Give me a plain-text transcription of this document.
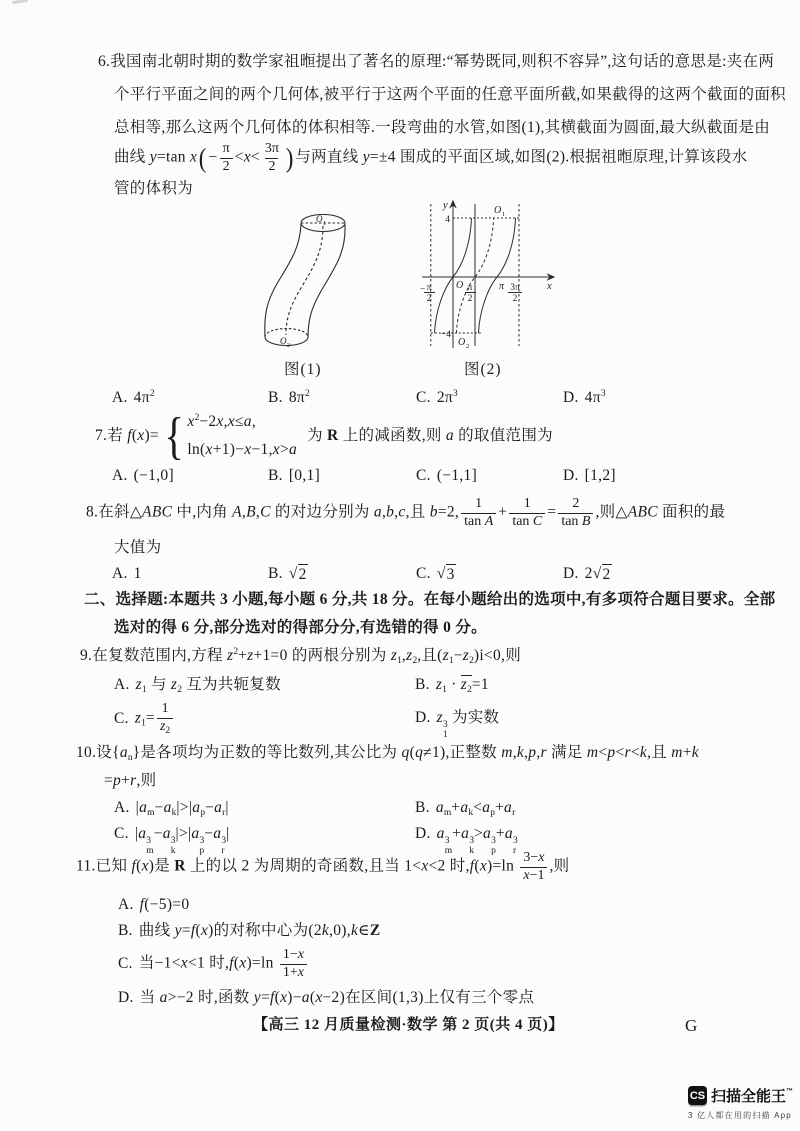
6.我国南北朝时期的数学家祖暅提出了著名的原理:“幂势既同,则积不容异”,这句话的意思是:夹在两
个平行平面之间的两个几何体,被平行于这两个平面的任意平面所截,如果截得的这两个截面的面积
总相等,那么这两个几何体的体积相等.一段弯曲的水管,如图(1),其横截面为圆面,最大纵截面是由
曲线 y=tan $x( - \frac{\pi}{2} <x< \frac{3\pi}{2}$ ) 与两直线 y=±4 围成的平面区域,如图(2).根据祖暅原理,计算该段水
管的体积为
O 1
O 2
图(1)
y
x
4
−4
O
O 1
O 2
− π
2
π
2
π 3π
2
图(2)
A. $4\pi^2$	B. $8\pi^2$	C. $2\pi^3$	D. $4\pi^3$
7.若 f(x)= { $x^2-2x,x\le a$,
ln(x+1)−x−1,x>a
为 R 上的减函数,则 a 的取值范围为
A. (−1,0]	B. [0,1]	C. (−1,1]	D. [1,2]
8.在斜△ABC 中,内角 A,B,C 的对边分别为 a,b,c,且 b=2, $\frac{1}{\text{tan A}} + \frac{1}{\text{tan C}} = \frac{2}{\text{tan B}}$ ,则△ABC 面积的最
大值为
A. 1	B. √ 2	C. √ 3	D. 2 √ 2
二、选择题:本题共 3 小题,每小题 6 分,共 18 分。在每小题给出的选项中,有多项符合题目要求。全部
选对的得 6 分,部分选对的得部分分,有选错的得 0 分。
9.在复数范围内,方程 $z^2+z+1=0$ 的两根分别为 z1,z2,且(z1−z2)i<0,则
A. z1 与 z2 互为共轭复数	B. z1 · z2=1
C. $z1= \frac{1}{z_2}$	D. z 3
1
为实数
10.设{an}是各项均为正数的等比数列,其公比为 q(q≠1),正整数 m,k,p,r 满足 m<p<r<k,且 m+k
=p+r,则
A. |am−ak|>|ap−ar|	B. am+ak<ap+ar
C. |a 3
m
−a 3
k
|>|a 3
p
−a 3
r
|	D. a 3
m
+a 3
k
>a 3
p
+a 3
r
11.已知 f(x)是 R 上的以 2 为周期的奇函数,且当 1<x<2 时$,f(x)=\ln \frac{3-x}{x-1}$ ,则
A. f(−5)=0
B. 曲线 y=f(x)的对称中心为(2k,0),k∈Z
C. 当−1<x<1 时$,f(x)=\ln \frac{1-x}{1+x}$
D. 当 a>−2 时,函数 y=f(x)−a(x−2)在区间(1,3)上仅有三个零点
【高三 12 月质量检测·数学 第 2 页(共 4 页)】	G
CS 扫描全能王™
3 亿人都在用的扫描 App
